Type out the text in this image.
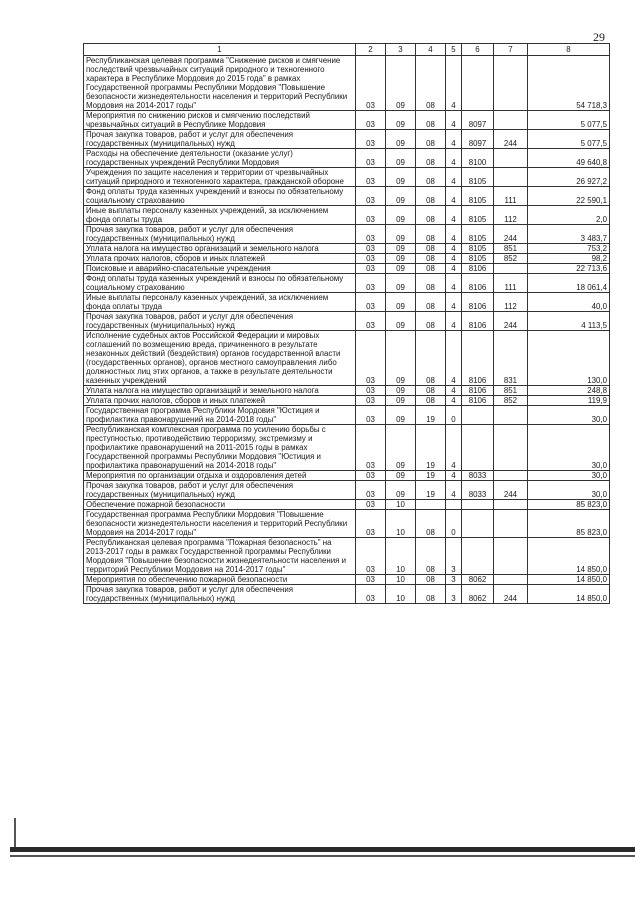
29
1	2	3	4	5	6	7	8
Республиканская целевая программа "Снижение рисков и смягчение последствий чрезвычайных ситуаций природного и техногенного характера в Республике Мордовия до 2015 года" в рамках Государственной программы Республики Мордовия "Повышение безопасности жизнедеятельности населения и территорий Республики Мордовия на 2014-2017 годы"	03	09	08	4			54 718,3
Мероприятия по снижению рисков и смягчению последствий чрезвычайных ситуаций в Республике Мордовия	03	09	08	4	8097		5 077,5
Прочая закупка товаров, работ и услуг для обеспечения государственных (муниципальных) нужд	03	09	08	4	8097	244	5 077,5
Расходы на обеспечение деятельности (оказание услуг) государственных учреждений Республики Мордовия	03	09	08	4	8100		49 640,8
Учреждения по защите населения и территории от чрезвычайных ситуаций природного и техногенного характера, гражданской обороне	03	09	08	4	8105		26 927,2
Фонд оплаты труда казенных учреждений и взносы по обязательному социальному страхованию	03	09	08	4	8105	111	22 590,1
Иные выплаты персоналу казенных учреждений, за исключением фонда оплаты труда	03	09	08	4	8105	112	2,0
Прочая закупка товаров, работ и услуг для обеспечения государственных (муниципальных) нужд	03	09	08	4	8105	244	3 483,7
Уплата налога на имущество организаций и земельного налога	03	09	08	4	8105	851	753,2
Уплата прочих налогов, сборов и иных платежей	03	09	08	4	8105	852	98,2
Поисковые и аварийно-спасательные учреждения	03	09	08	4	8106		22 713,6
Фонд оплаты труда казенных учреждений и взносы по обязательному социальному страхованию	03	09	08	4	8106	111	18 061,4
Иные выплаты персоналу казенных учреждений, за исключением фонда оплаты труда	03	09	08	4	8106	112	40,0
Прочая закупка товаров, работ и услуг для обеспечения государственных (муниципальных) нужд	03	09	08	4	8106	244	4 113,5
Исполнение судебных актов Российской Федерации и мировых соглашений по возмещению вреда, причиненного в результате незаконных действий (бездействия) органов государственной власти (государственных органов), органов местного самоуправления либо должностных лиц этих органов, а также в результате деятельности казенных учреждений	03	09	08	4	8106	831	130,0
Уплата налога на имущество организаций и земельного налога	03	09	08	4	8106	851	248,8
Уплата прочих налогов, сборов и иных платежей	03	09	08	4	8106	852	119,9
Государственная программа Республики Мордовия "Юстиция и профилактика правонарушений на 2014-2018 годы"	03	09	19	0			30,0
Республиканская комплексная программа по усилению борьбы с преступностью, противодействию терроризму, экстремизму и профилактике правонарушений на 2011-2015 годы в рамках Государственной программы Республики Мордовия "Юстиция и профилактика правонарушений на 2014-2018 годы"	03	09	19	4			30,0
Мероприятия по организации отдыха и оздоровления детей	03	09	19	4	8033		30,0
Прочая закупка товаров, работ и услуг для обеспечения государственных (муниципальных) нужд	03	09	19	4	8033	244	30,0
Обеспечение пожарной безопасности	03	10					85 823,0
Государственная программа Республики Мордовия "Повышение безопасности жизнедеятельности населения и территорий Республики Мордовия на 2014-2017 годы"	03	10	08	0			85 823,0
Республиканская целевая программа "Пожарная безопасность" на 2013-2017 годы в рамках Государственной программы Республики Мордовия "Повышение безопасности жизнедеятельности населения и территорий Республики Мордовия на 2014-2017 годы"	03	10	08	3			14 850,0
Мероприятия по обеспечению пожарной безопасности	03	10	08	3	8062		14 850,0
Прочая закупка товаров, работ и услуг для обеспечения государственных (муниципальных) нужд	03	10	08	3	8062	244	14 850,0
